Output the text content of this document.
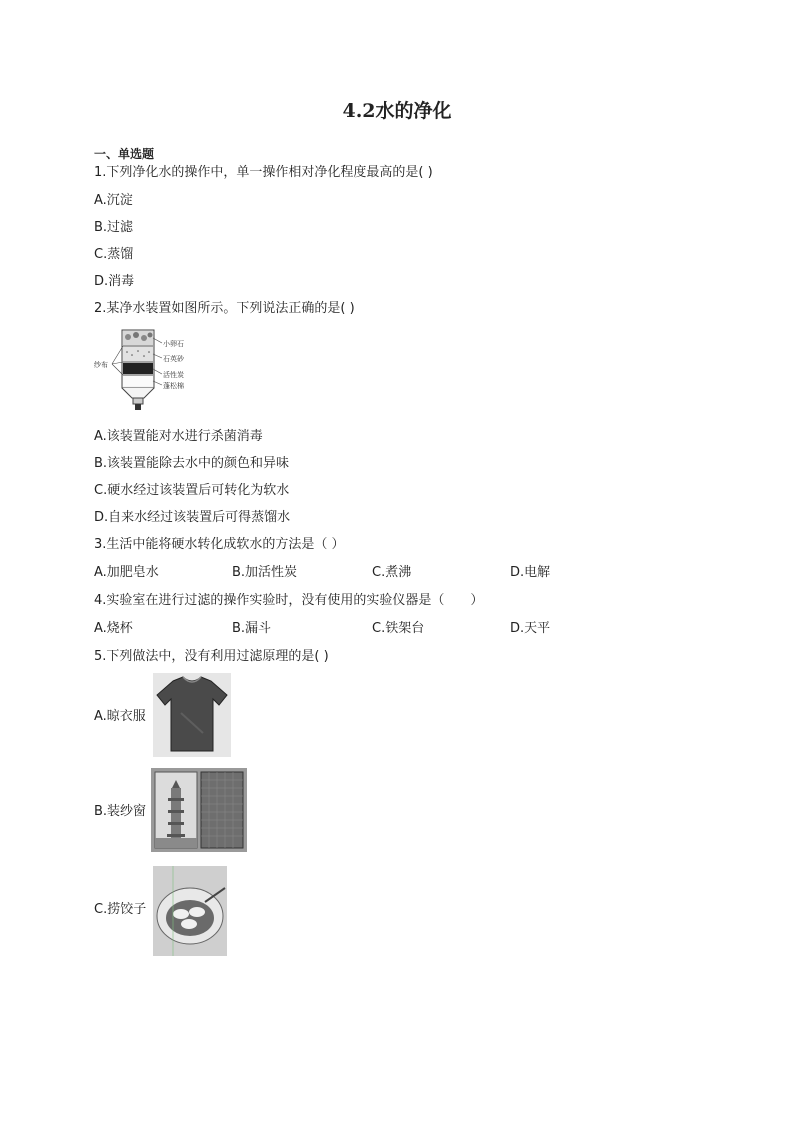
4.2水的净化
一、单选题
1.下列净化水的操作中，单一操作相对净化程度最高的是( )
A.沉淀
B.过滤
C.蒸馏
D.消毒
2.某净水装置如图所示。下列说法正确的是( )
纱布
小卵石
石英砂
活性炭
蓬松棉
A.该装置能对水进行杀菌消毒
B.该装置能除去水中的颜色和异味
C.硬水经过该装置后可转化为软水
D.自来水经过该装置后可得蒸馏水
3.生活中能将硬水转化成软水的方法是（ ）
A.加肥皂水	B.加活性炭	C.煮沸	D.电解
4.实验室在进行过滤的操作实验时，没有使用的实验仪器是（　　）
A.烧杯	B.漏斗	C.铁架台	D.天平
5.下列做法中，没有利用过滤原理的是( )
A.晾衣服
B.装纱窗
C.捞饺子
